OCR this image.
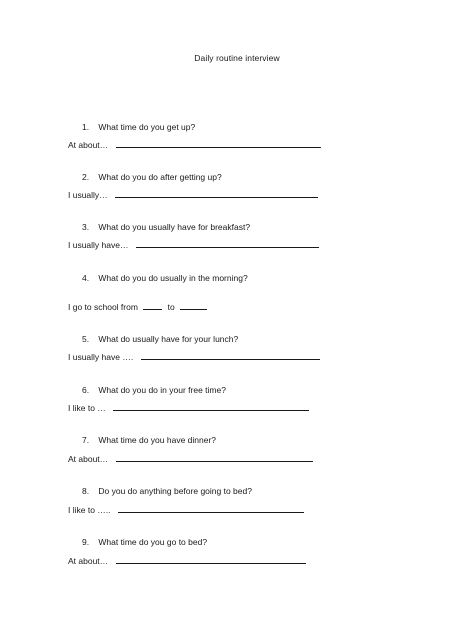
Daily routine interview
1. What time do you get up?
At about…
2. What do you do after getting up?
I usually…
3. What do you usually have for breakfast?
I usually have…
4. What do you do usually in the morning?
I go to school from	to
5. What do usually have for your lunch?
I usually have ….
6. What do you do in your free time?
I like to …
7. What time do you have dinner?
At about…
8. Do you do anything before going to bed?
I like to …..
9. What time do you go to bed?
At about…
